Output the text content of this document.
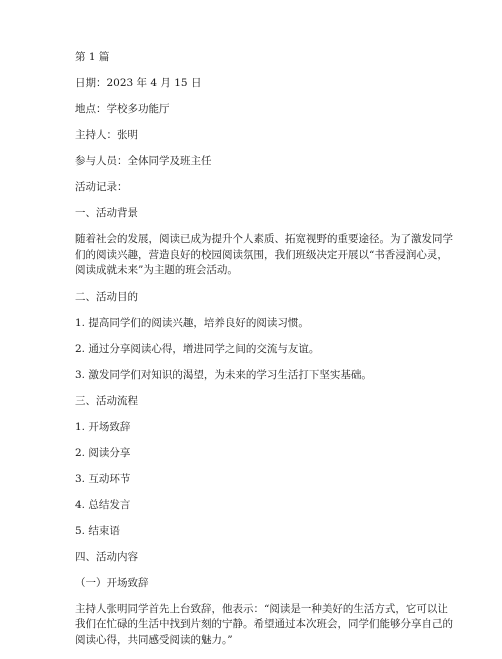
第 1 篇
日期：2023 年 4 月 15 日
地点：学校多功能厅
主持人：张明
参与人员：全体同学及班主任
活动记录：
一、活动背景
随着社会的发展，阅读已成为提升个人素质、拓宽视野的重要途径。为了激发同学
们的阅读兴趣，营造良好的校园阅读氛围，我们班级决定开展以“书香浸润心灵，
阅读成就未来”为主题的班会活动。
二、活动目的
1. 提高同学们的阅读兴趣，培养良好的阅读习惯。
2. 通过分享阅读心得，增进同学之间的交流与友谊。
3. 激发同学们对知识的渴望，为未来的学习生活打下坚实基础。
三、活动流程
1. 开场致辞
2. 阅读分享
3. 互动环节
4. 总结发言
5. 结束语
四、活动内容
（一）开场致辞
主持人张明同学首先上台致辞，他表示：“阅读是一种美好的生活方式，它可以让
我们在忙碌的生活中找到片刻的宁静。希望通过本次班会，同学们能够分享自己的
阅读心得，共同感受阅读的魅力。”
